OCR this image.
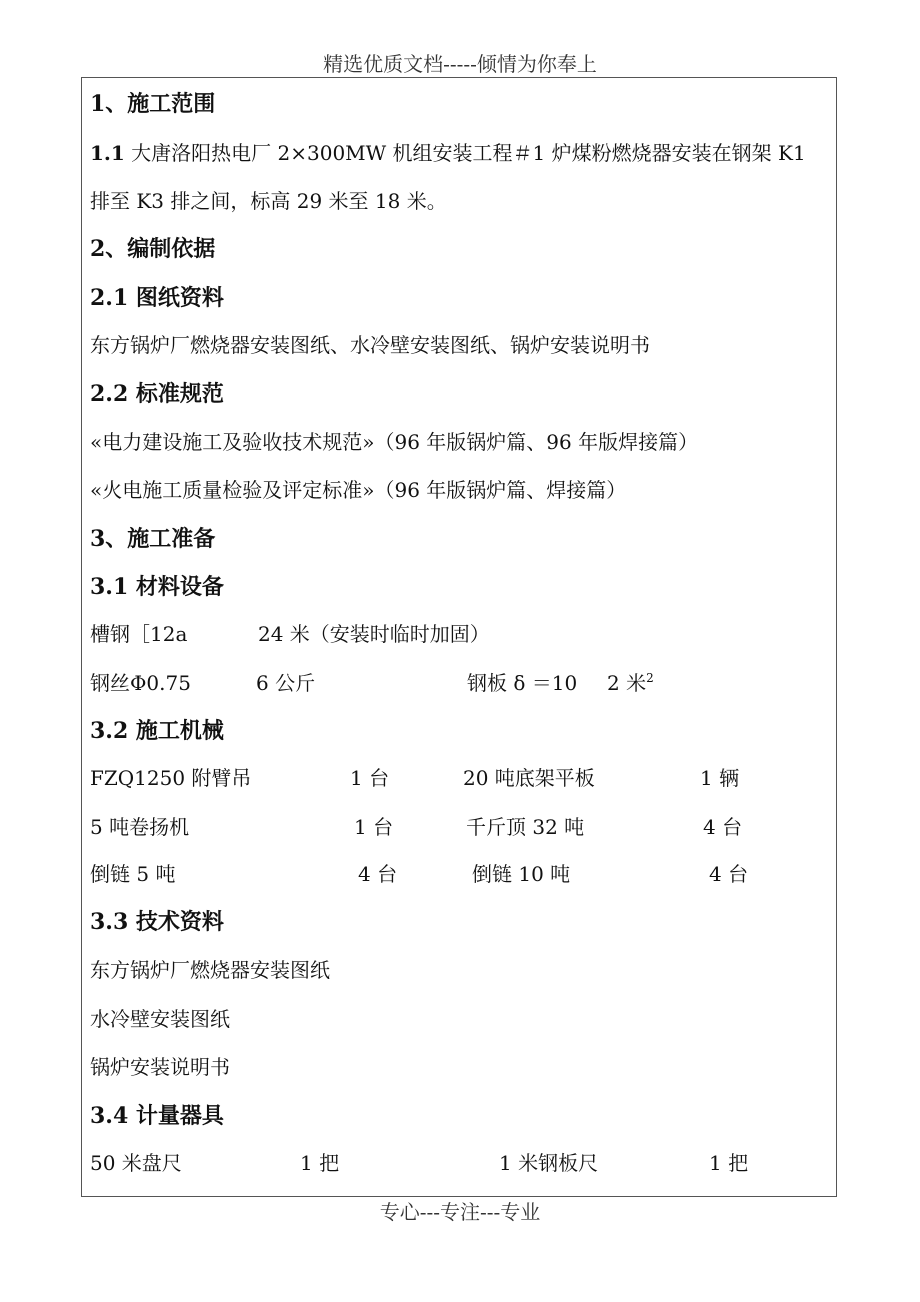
精选优质文档-----倾情为你奉上
1、施工范围
1.1 大唐洛阳热电厂 2×300MW 机组安装工程＃1 炉煤粉燃烧器安装在钢架 K1
排至 K3 排之间，标高 29 米至 18 米。
2、编制依据
2.1 图纸资料
东方锅炉厂燃烧器安装图纸、水冷壁安装图纸、锅炉安装说明书
2.2 标准规范
«电力建设施工及验收技术规范»（96 年版锅炉篇、96 年版焊接篇）
«火电施工质量检验及评定标准»（96 年版锅炉篇、焊接篇）
3、施工准备
3.1 材料设备
槽钢［12a	24 米（安装时临时加固）
钢丝Φ0.75	6 公斤	钢板 δ ＝10 2 米$^2$
3.2 施工机械
FZQ1250 附臂吊	1 台	20 吨底架平板	1 辆
5 吨卷扬机	1 台	千斤顶 32 吨	4 台
倒链 5 吨	4 台	倒链 10 吨	4 台
3.3 技术资料
东方锅炉厂燃烧器安装图纸
水冷壁安装图纸
锅炉安装说明书
3.4 计量器具
50 米盘尺	1 把	1 米钢板尺	1 把
专心---专注---专业
